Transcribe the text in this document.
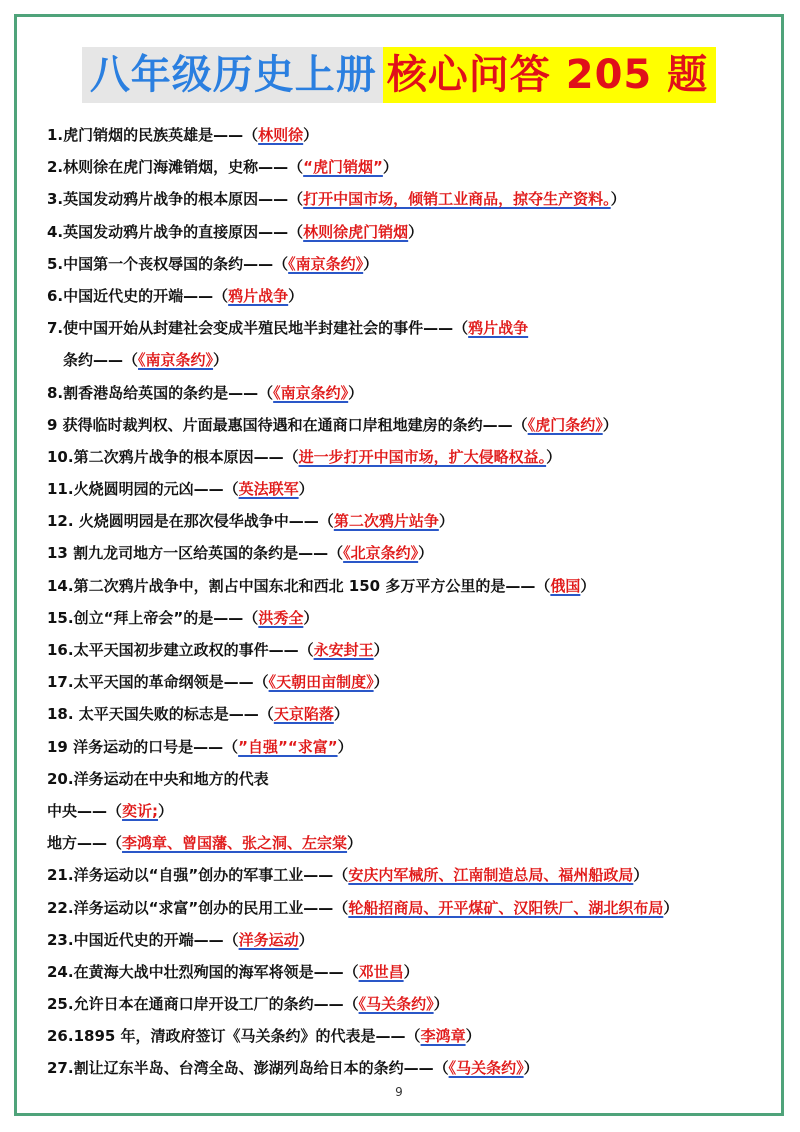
八年级历史上册 核心问答 205 题
1.虎门销烟的民族英雄是——（林则徐）
2.林则徐在虎门海滩销烟，史称——（“虎门销烟”）
3.英国发动鸦片战争的根本原因——（打开中国市场，倾销工业商品，掠夺生产资料。）
4.英国发动鸦片战争的直接原因——（林则徐虎门销烟）
5.中国第一个丧权辱国的条约——（《南京条约》）
6.中国近代史的开端——（鸦片战争）
7.使中国开始从封建社会变成半殖民地半封建社会的事件——（鸦片战争
条约——（《南京条约》）
8.割香港岛给英国的条约是——（《南京条约》）
9 获得临时裁判权、片面最惠国待遇和在通商口岸租地建房的条约——（《虎门条约》）
10.第二次鸦片战争的根本原因——（进一步打开中国市场，扩大侵略权益。）
11.火烧圆明园的元凶——（英法联军）
12. 火烧圆明园是在那次侵华战争中——（第二次鸦片站争）
13 割九龙司地方一区给英国的条约是——（《北京条约》）
14.第二次鸦片战争中，割占中国东北和西北 150 多万平方公里的是——（俄国）
15.创立“拜上帝会”的是——（洪秀全）
16.太平天国初步建立政权的事件——（永安封王）
17.太平天国的革命纲领是——（《天朝田亩制度》）
18. 太平天国失败的标志是——（天京陷落）
19 洋务运动的口号是——（”自强”“求富”）
20.洋务运动在中央和地方的代表
中央——（奕䜣;）
地方——（李鸿章、曾国藩、张之洞、左宗棠）
21.洋务运动以“自强”创办的军事工业——（安庆内军械所、江南制造总局、福州船政局）
22.洋务运动以“求富”创办的民用工业——（轮船招商局、开平煤矿、汉阳铁厂、湖北织布局）
23.中国近代史的开端——（洋务运动）
24.在黄海大战中壮烈殉国的海军将领是——（邓世昌）
25.允许日本在通商口岸开设工厂的条约——（《马关条约》）
26.1895 年，清政府签订《马关条约》的代表是——（李鸿章）
27.割让辽东半岛、台湾全岛、澎湖列岛给日本的条约——（《马关条约》）
9
